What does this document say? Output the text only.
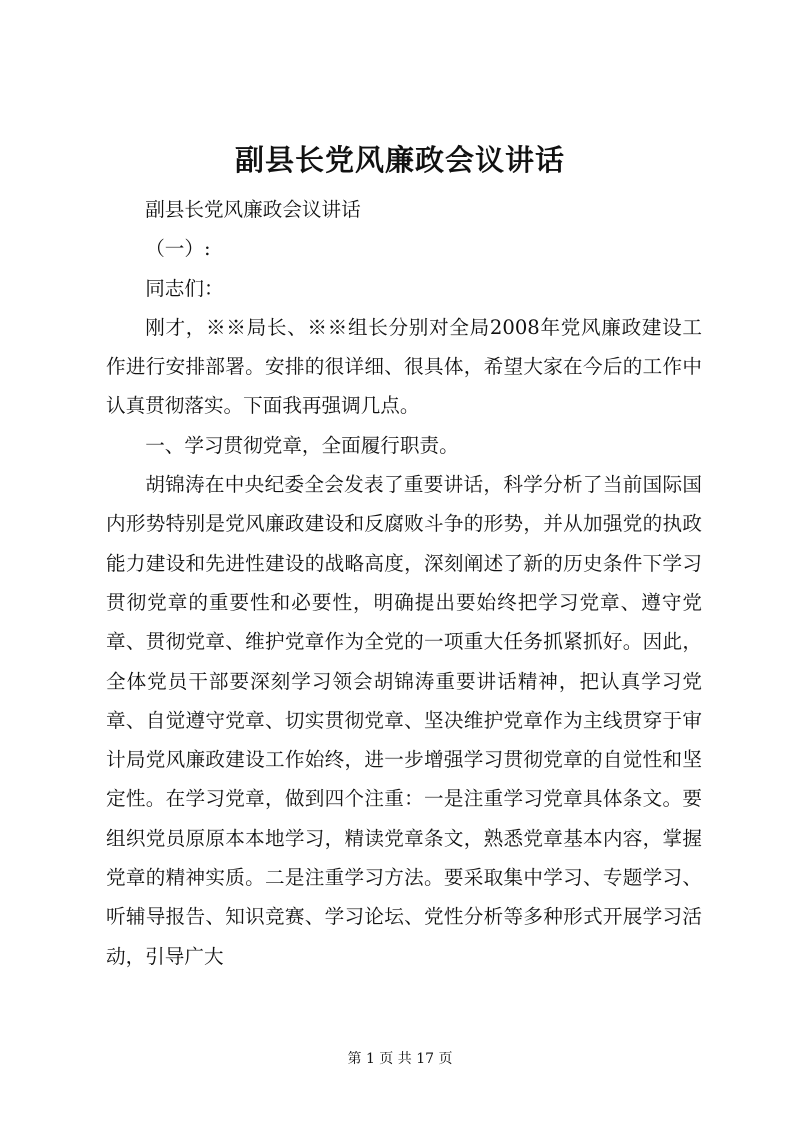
副县长党风廉政会议讲话

副县长党风廉政会议讲话

（一）:

同志们：

刚才，※※局长、※※组长分别对全局2008年党风廉政建设工作进行安排部署。安排的很详细、很具体，希望大家在今后的工作中认真贯彻落实。下面我再强调几点。

一、学习贯彻党章，全面履行职责。

胡锦涛在中央纪委全会发表了重要讲话，科学分析了当前国际国内形势特别是党风廉政建设和反腐败斗争的形势，并从加强党的执政能力建设和先进性建设的战略高度，深刻阐述了新的历史条件下学习贯彻党章的重要性和必要性，明确提出要始终把学习党章、遵守党章、贯彻党章、维护党章作为全党的一项重大任务抓紧抓好。因此，全体党员干部要深刻学习领会胡锦涛重要讲话精神，把认真学习党章、自觉遵守党章、切实贯彻党章、坚决维护党章作为主线贯穿于审计局党风廉政建设工作始终，进一步增强学习贯彻党章的自觉性和坚定性。在学习党章，做到四个注重：一是注重学习党章具体条文。要组织党员原原本本地学习，精读党章条文，熟悉党章基本内容，掌握党章的精神实质。二是注重学习方法。要采取集中学习、专题学习、听辅导报告、知识竞赛、学习论坛、党性分析等多种形式开展学习活动，引导广大

第 1 页 共 17 页
